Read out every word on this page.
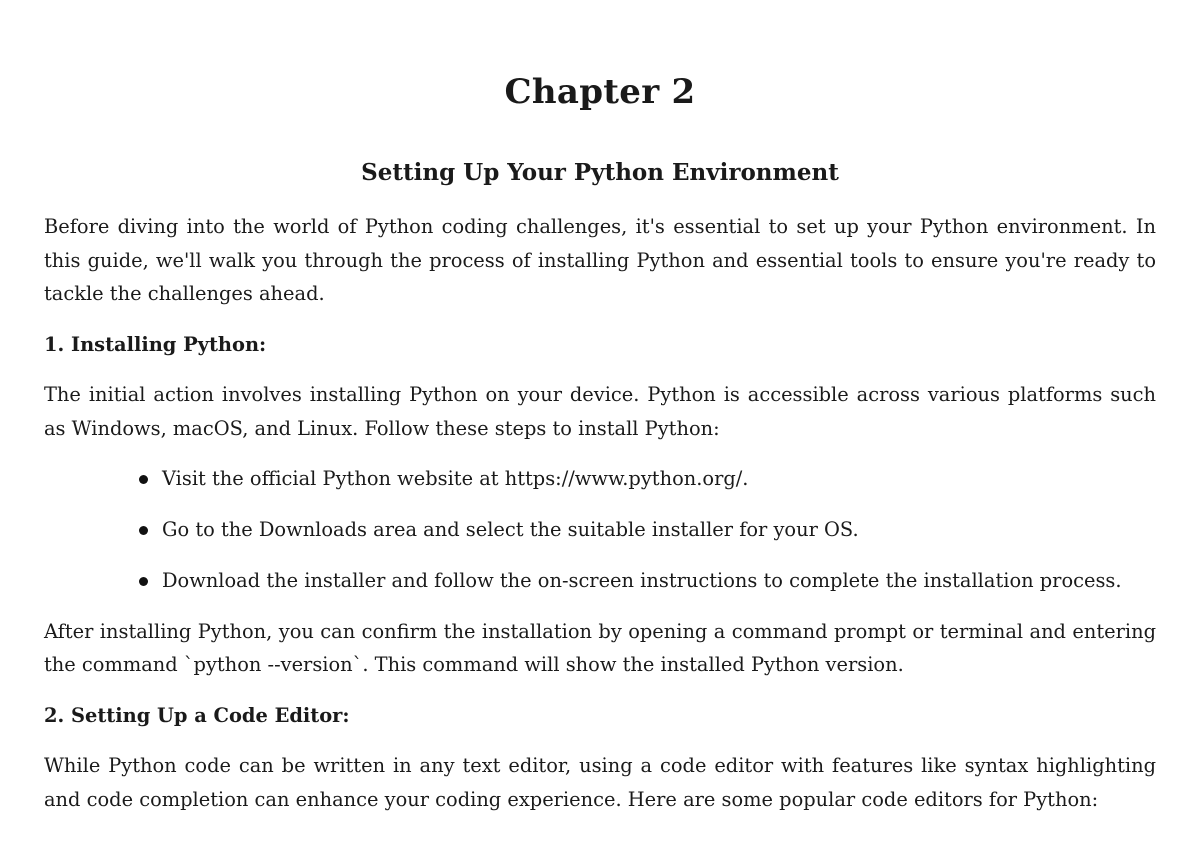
Chapter 2
Setting Up Your Python Environment

Before diving into the world of Python coding challenges, it's essential to set up your Python environment. In this guide, we'll walk you through the process of installing Python and essential tools to ensure you're ready to tackle the challenges ahead.

1. Installing Python:

The initial action involves installing Python on your device. Python is accessible across various platforms such as Windows, macOS, and Linux. Follow these steps to install Python:

Visit the official Python website at https://www.python.org/.
Go to the Downloads area and select the suitable installer for your OS.
Download the installer and follow the on-screen instructions to complete the installation process.

After installing Python, you can confirm the installation by opening a command prompt or terminal and entering the command `python --version`. This command will show the installed Python version.

2. Setting Up a Code Editor:

While Python code can be written in any text editor, using a code editor with features like syntax highlighting and code completion can enhance your coding experience. Here are some popular code editors for Python:
